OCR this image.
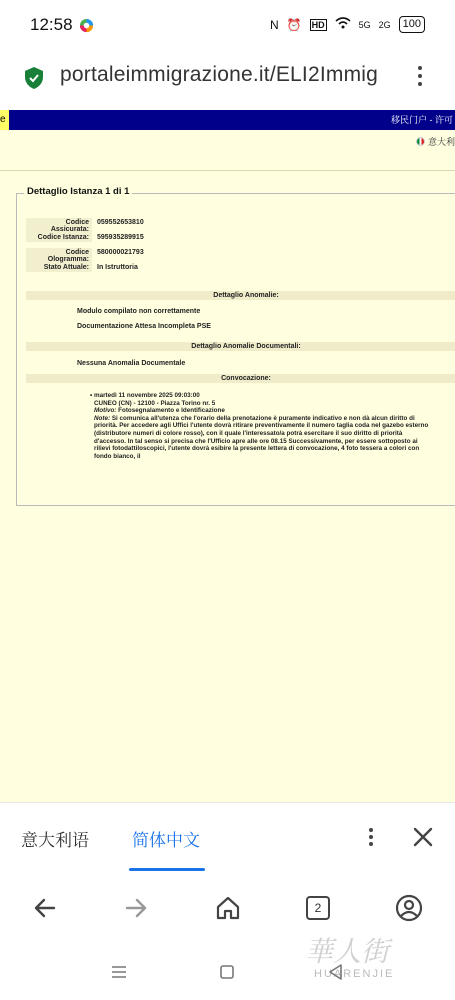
12:58	N ⏰ HD	5G 2G	100
portaleimmigrazione.it/ELI2Immig
e	移民门户 - 许可
意大利
Dettaglio Istanza 1 di 1
Codice Assicurata:
059552653810
Codice Istanza:	595935289915
Codice Ologramma:
580000021793
Stato Attuale:	In Istruttoria
Dettaglio Anomalie:
Modulo compilato non correttamente
Documentazione Attesa Incompleta PSE
Dettaglio Anomalie Documentali:
Nessuna Anomalia Documentale
Convocazione:
• martedì 11 novembre 2025 09:03:00
CUNEO (CN) - 12100 - Piazza Torino nr. 5
Motivo: Fotosegnalamento e Identificazione
Note: Si comunica all'utenza che l'orario della prenotazione è puramente indicativo e non dà alcun diritto di priorità. Per accedere agli Uffici l'utente dovrà ritirare preventivamente il numero taglia coda nel gazebo esterno (distributore numeri di colore rosso), con il quale l'interessato/a potrà esercitare il suo diritto di priorità d'accesso. In tal senso si precisa che l'Ufficio apre alle ore 08.15 Successivamente, per essere sottoposto ai rilievi fotodattiloscopici, l'utente dovrà esibire la presente lettera di convocazione, 4 foto tessera a colori con fondo bianco, il
意大利语	简体中文
2
華人街
HUARENJIE
